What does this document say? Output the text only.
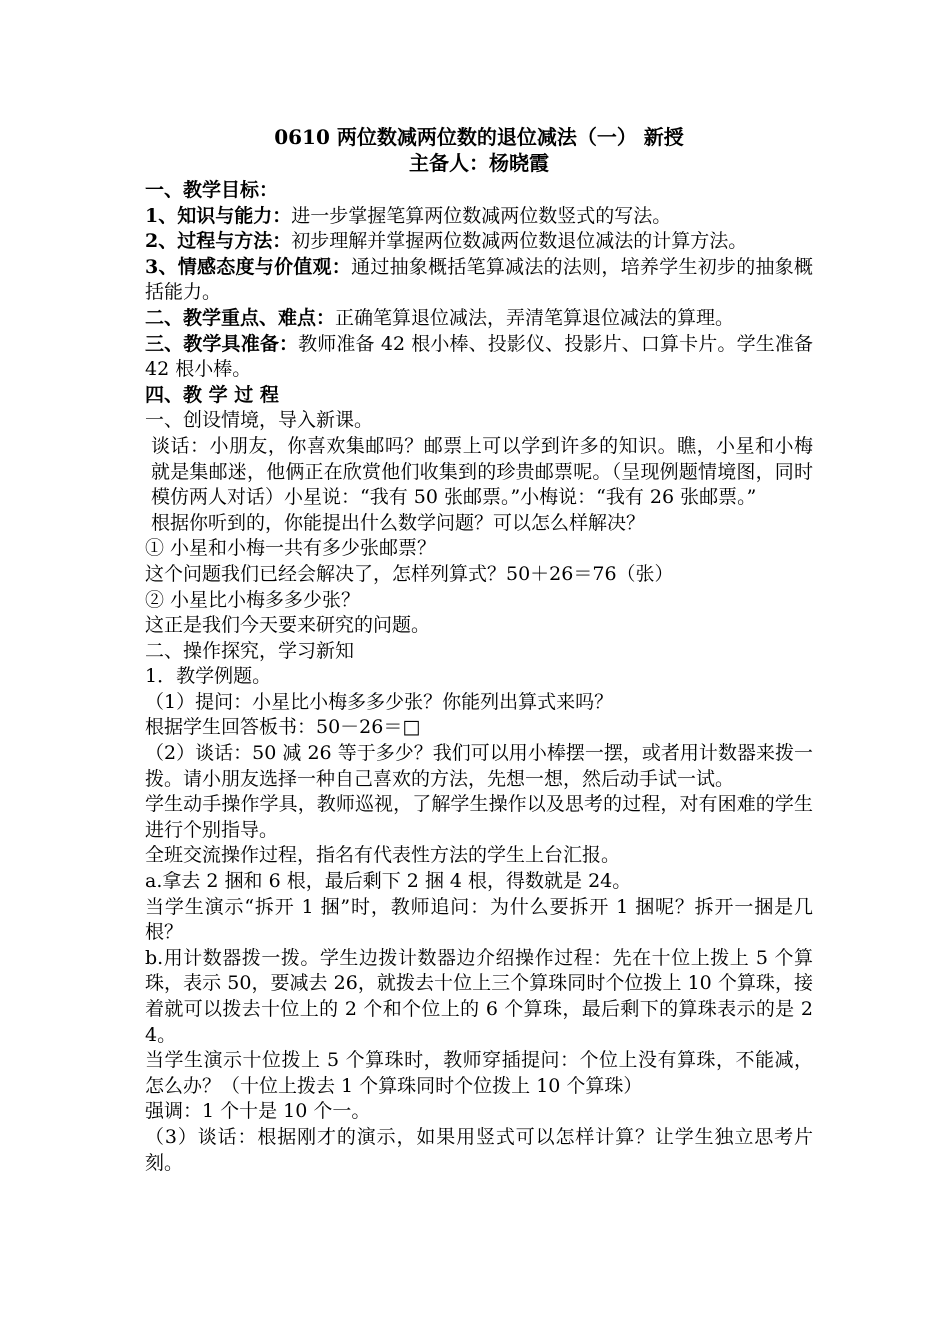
0610 两位数减两位数的退位减法（一） 新授

主备人：杨晓霞

一、教学目标：

1、知识与能力：进一步掌握笔算两位数减两位数竖式的写法。

2、过程与方法：初步理解并掌握两位数减两位数退位减法的计算方法。

3、情感态度与价值观：通过抽象概括笔算减法的法则，培养学生初步的抽象概括能力。

二、教学重点、难点：正确笔算退位减法，弄清笔算退位减法的算理。

三、教学具准备：教师准备 42 根小棒、投影仪、投影片、口算卡片。学生准备 42 根小棒。

四、教 学 过 程

一、创设情境，导入新课。

谈话：小朋友，你喜欢集邮吗？邮票上可以学到许多的知识。瞧，小星和小梅就是集邮迷，他俩正在欣赏他们收集到的珍贵邮票呢。（呈现例题情境图，同时模仿两人对话）小星说：“我有 50 张邮票。”小梅说：“我有 26 张邮票。”

根据你听到的，你能提出什么数学问题？可以怎么样解决？

① 小星和小梅一共有多少张邮票？

这个问题我们已经会解决了，怎样列算式？50＋26＝76（张）

② 小星比小梅多多少张？

这正是我们今天要来研究的问题。

二、操作探究，学习新知

1．教学例题。

（1）提问：小星比小梅多多少张？你能列出算式来吗？

根据学生回答板书：50－26＝□

（2）谈话：50 减 26 等于多少？我们可以用小棒摆一摆，或者用计数器来拨一拨。请小朋友选择一种自己喜欢的方法，先想一想，然后动手试一试。

学生动手操作学具，教师巡视，了解学生操作以及思考的过程，对有困难的学生进行个别指导。

全班交流操作过程，指名有代表性方法的学生上台汇报。

a.拿去 2 捆和 6 根，最后剩下 2 捆 4 根，得数就是 24。

当学生演示“拆开 1 捆”时，教师追问：为什么要拆开 1 捆呢？拆开一捆是几根？

b.用计数器拨一拨。学生边拨计数器边介绍操作过程：先在十位上拨上 5 个算珠，表示 50，要减去 26，就拨去十位上三个算珠同时个位拨上 10 个算珠，接着就可以拨去十位上的 2 个和个位上的 6 个算珠，最后剩下的算珠表示的是 24。

当学生演示十位拨上 5 个算珠时，教师穿插提问：个位上没有算珠，不能减，怎么办？（十位上拨去 1 个算珠同时个位拨上 10 个算珠）

强调：1 个十是 10 个一。

（3）谈话：根据刚才的演示，如果用竖式可以怎样计算？让学生独立思考片刻。
